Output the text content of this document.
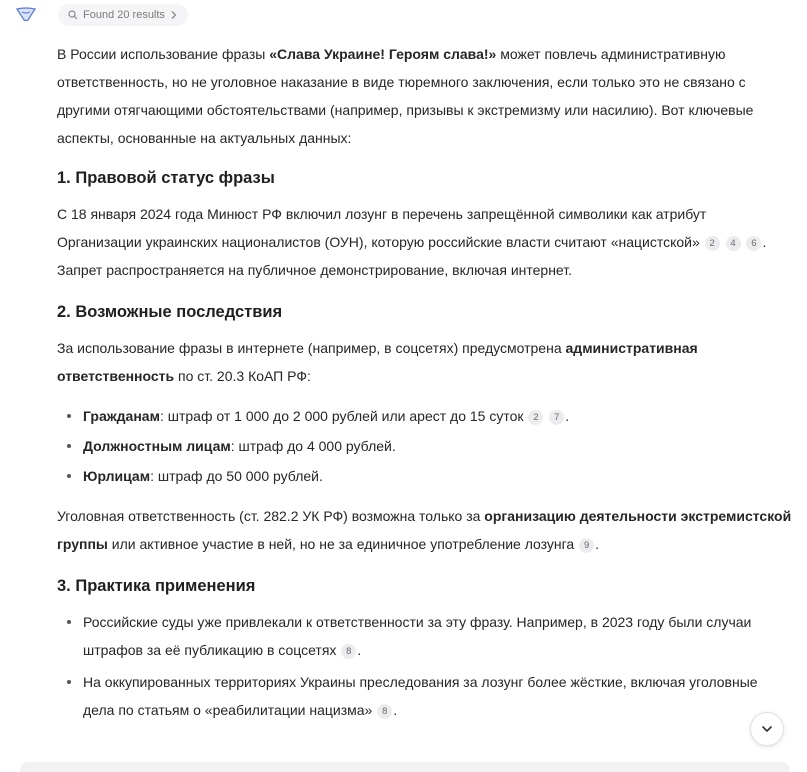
Found 20 results

В России использование фразы «Слава Украине! Героям слава!» может повлечь административную ответственность, но не уголовное наказание в виде тюремного заключения, если только это не связано с другими отягчающими обстоятельствами (например, призывы к экстремизму или насилию). Вот ключевые аспекты, основанные на актуальных данных:

1. Правовой статус фразы

С 18 января 2024 года Минюст РФ включил лозунг в перечень запрещённой символики как атрибут Организации украинских националистов (ОУН), которую российские власти считают «нацистской» 2 4 6 . Запрет распространяется на публичное демонстрирование, включая интернет.

2. Возможные последствия

За использование фразы в интернете (например, в соцсетях) предусмотрена административная ответственность по ст. 20.3 КоАП РФ:

Гражданам: штраф от 1 000 до 2 000 рублей или арест до 15 суток 2 7 .
Должностным лицам: штраф до 4 000 рублей.
Юрлицам: штраф до 50 000 рублей.

Уголовная ответственность (ст. 282.2 УК РФ) возможна только за организацию деятельности экстремистской группы или активное участие в ней, но не за единичное употребление лозунга 9 .

3. Практика применения
Российские суды уже привлекали к ответственности за эту фразу. Например, в 2023 году были случаи штрафов за её публикацию в соцсетях 8 .
На оккупированных территориях Украины преследования за лозунг более жёсткие, включая уголовные дела по статьям о «реабилитации нацизма» 8 .
